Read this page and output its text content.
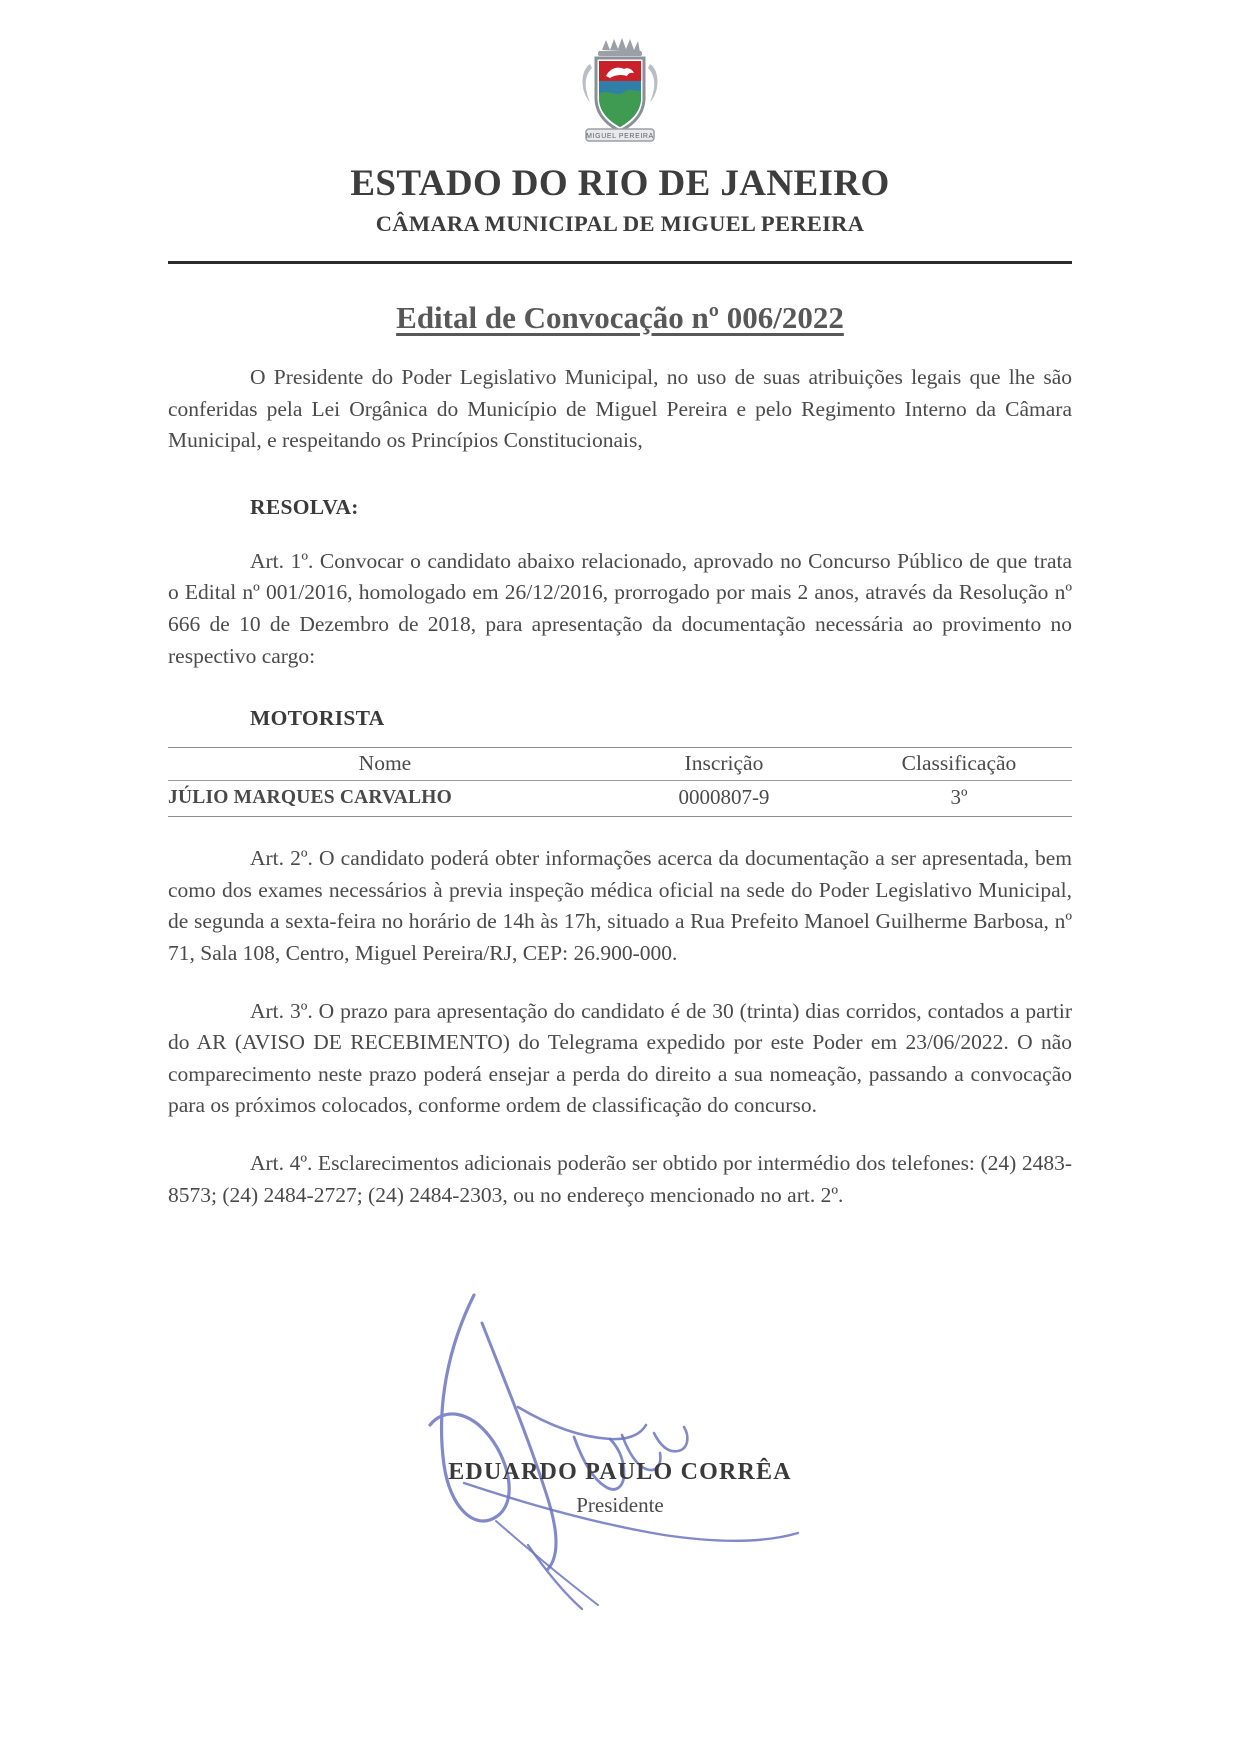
MIGUEL PEREIRA
ESTADO DO RIO DE JANEIRO
CÂMARA MUNICIPAL DE MIGUEL PEREIRA
Edital de Convocação nº 006/2022

O Presidente do Poder Legislativo Municipal, no uso de suas atribuições legais que lhe são conferidas pela Lei Orgânica do Município de Miguel Pereira e pelo Regimento Interno da Câmara Municipal, e respeitando os Princípios Constitucionais,

RESOLVA:

Art. 1º. Convocar o candidato abaixo relacionado, aprovado no Concurso Público de que trata o Edital nº 001/2016, homologado em 26/12/2016, prorrogado por mais 2 anos, através da Resolução nº 666 de 10 de Dezembro de 2018, para apresentação da documentação necessária ao provimento no respectivo cargo:

MOTORISTA
Nome	Inscrição	Classificação
JÚLIO MARQUES CARVALHO	0000807-9	3º

Art. 2º. O candidato poderá obter informações acerca da documentação a ser apresentada, bem como dos exames necessários à previa inspeção médica oficial na sede do Poder Legislativo Municipal, de segunda a sexta-feira no horário de 14h às 17h, situado a Rua Prefeito Manoel Guilherme Barbosa, nº 71, Sala 108, Centro, Miguel Pereira/RJ, CEP: 26.900-000.

Art. 3º. O prazo para apresentação do candidato é de 30 (trinta) dias corridos, contados a partir do AR (AVISO DE RECEBIMENTO) do Telegrama expedido por este Poder em 23/06/2022. O não comparecimento neste prazo poderá ensejar a perda do direito a sua nomeação, passando a convocação para os próximos colocados, conforme ordem de classificação do concurso.

Art. 4º. Esclarecimentos adicionais poderão ser obtido por intermédio dos telefones: (24) 2483-8573; (24) 2484-2727; (24) 2484-2303, ou no endereço mencionado no art. 2º.

EDUARDO PAULO CORRÊA
Presidente
